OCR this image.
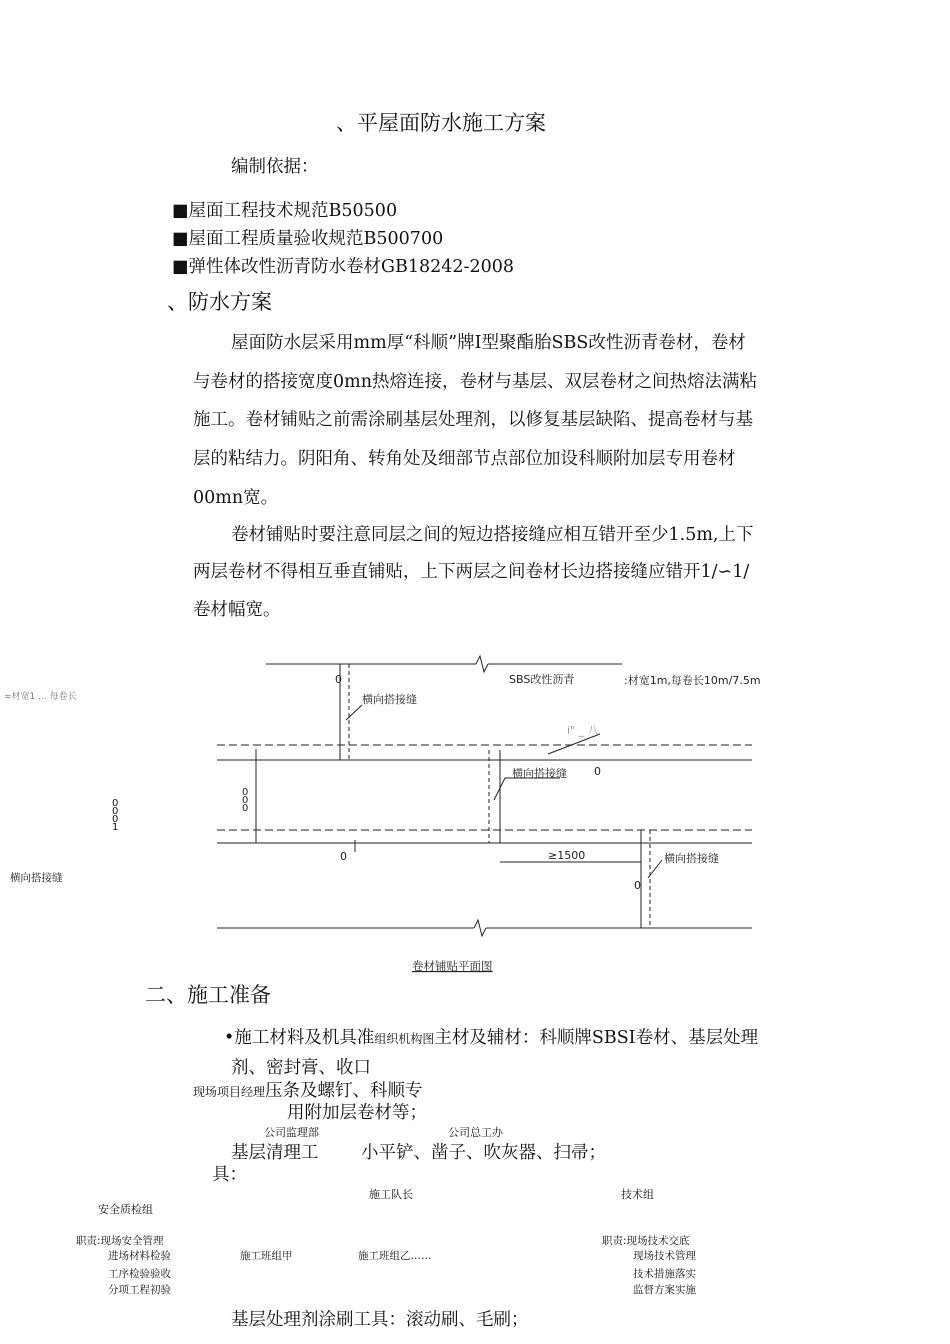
、平屋面防水施工方案
编制依据：
■屋面工程技术规范B50500
■屋面工程质量验收规范B500700
■弹性体改性沥青防水卷材GB18242-2008
、防水方案
屋面防水层采用mm厚“科顺”牌I型聚酯胎SBS改性沥青卷材，卷材
与卷材的搭接宽度0mn热熔连接，卷材与基层、双层卷材之间热熔法满粘
施工。卷材铺贴之前需涂刷基层处理剂，以修复基层缺陷、提高卷材与基
层的粘结力。阴阳角、转角处及细部节点部位加设科顺附加层专用卷材
00mn宽。
卷材铺贴时要注意同层之间的短边搭接缝应相互错开至少1.5m,上下
两层卷材不得相互垂直铺贴，上下两层之间卷材长边搭接缝应错开1/∽1/
卷材幅宽。
=材宽1 ... 每卷长
0
0
0
1
横向搭接缝
0
横向搭接缝
SBS改性沥青	:材宽1m,每卷长10m/7.5m
i" _ 八
横向搭接缝 0
0
0
0
0	≥1500	横向搭接缝
0
卷材铺贴平面图
二、施工准备
•施工材料及机具准组织机构图主材及辅材：科顺牌SBSI卷材、基层处理
剂、密封膏、收口
现场项目经理压条及螺钉、科顺专
用附加层卷材等；
公司监理部	公司总工办
基层清理工 小平铲、凿子、吹灰器、扫帚；
具：
施工队长	技术组
安全质检组
职责:现场安全管理
进场材料检验
工序检验验收
分项工程初验
施工班组甲	施工班组乙……
职责:现场技术交底
现场技术管理
技术措施落实
监督方案实施
基层处理剂涂刷工具：滚动刷、毛刷；
